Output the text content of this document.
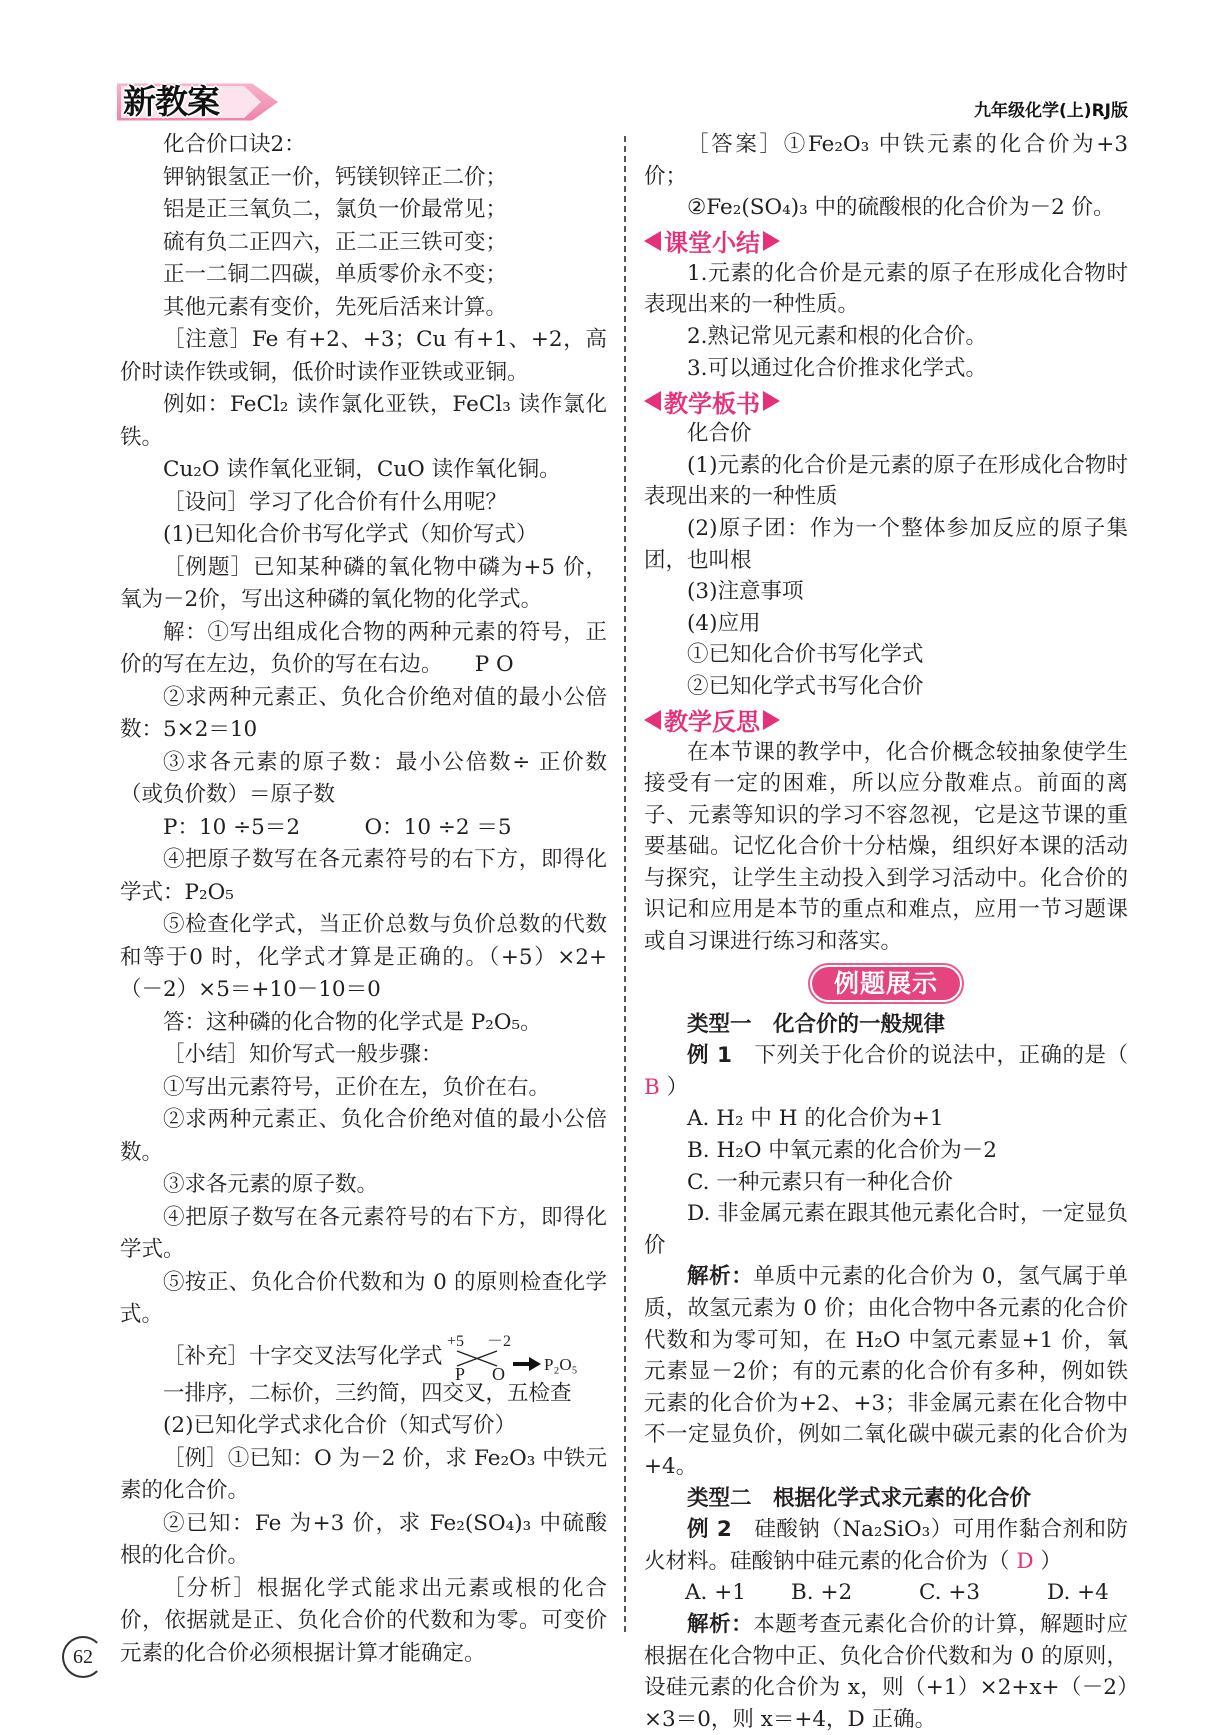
新教案	九年级化学(上)RJ版

化合价口诀2：

钾钠银氢正一价，钙镁钡锌正二价；

铝是正三氧负二，氯负一价最常见；

硫有负二正四六，正二正三铁可变；

正一二铜二四碳，单质零价永不变；

其他元素有变价，先死后活来计算。

［注意］Fe 有+2、+3；Cu 有+1、+2，高价时读作铁或铜，低价时读作亚铁或亚铜。

例如：FeCl₂ 读作氯化亚铁，FeCl₃ 读作氯化铁。

Cu₂O 读作氧化亚铜，CuO 读作氧化铜。

［设问］学习了化合价有什么用呢？

(1)已知化合价书写化学式（知价写式）

［例题］已知某种磷的氧化物中磷为+5 价，氧为－2价，写出这种磷的氧化物的化学式。

解：①写出组成化合物的两种元素的符号，正价的写在左边，负价的写在右边。　　P O

②求两种元素正、负化合价绝对值的最小公倍数：5×2＝10

③求各元素的原子数：最小公倍数÷ 正价数（或负价数）＝原子数

P：10 ÷5＝2　　　O：10 ÷2 ＝5

④把原子数写在各元素符号的右下方，即得化学式：P₂O₅

⑤检查化学式，当正价总数与负价总数的代数和等于0 时，化学式才算是正确的。（+5）×2+（－2）×5＝+10－10＝0

答：这种磷的化合物的化学式是 P₂O₅。

［小结］知价写式一般步骤：

①写出元素符号，正价在左，负价在右。

②求两种元素正、负化合价绝对值的最小公倍数。

③求各元素的原子数。

④把原子数写在各元素符号的右下方，即得化学式。

⑤按正、负化合价代数和为 0 的原则检查化学式。

［补充］十字交叉法写化学式
+5 －2
P O P₂O₅

一排序，二标价，三约简，四交叉，五检查

(2)已知化学式求化合价（知式写价）

［例］①已知：O 为－2 价，求 Fe₂O₃ 中铁元素的化合价。

②已知：Fe 为+3 价，求 Fe₂(SO₄)₃ 中硫酸根的化合价。

［分析］根据化学式能求出元素或根的化合价，依据就是正、负化合价的代数和为零。可变价元素的化合价必须根据计算才能确定。

［答案］①Fe₂O₃ 中铁元素的化合价为+3 价；

②Fe₂(SO₄)₃ 中的硫酸根的化合价为－2 价。

课堂小结

1.元素的化合价是元素的原子在形成化合物时表现出来的一种性质。

2.熟记常见元素和根的化合价。

3.可以通过化合价推求化学式。

教学板书

化合价

(1)元素的化合价是元素的原子在形成化合物时表现出来的一种性质

(2)原子团：作为一个整体参加反应的原子集团，也叫根

(3)注意事项

(4)应用

①已知化合价书写化学式

②已知化学式书写化合价

教学反思

在本节课的教学中，化合价概念较抽象使学生接受有一定的困难，所以应分散难点。前面的离子、元素等知识的学习不容忽视，它是这节课的重要基础。记忆化合价十分枯燥，组织好本课的活动与探究，让学生主动投入到学习活动中。化合价的识记和应用是本节的重点和难点，应用一节习题课或自习课进行练习和落实。

例题展示

类型一　化合价的一般规律

例 1　下列关于化合价的说法中，正确的是（ B ）

A. H₂ 中 H 的化合价为+1

B. H₂O 中氧元素的化合价为－2

C. 一种元素只有一种化合价

D. 非金属元素在跟其他元素化合时，一定显负价

解析：单质中元素的化合价为 0，氢气属于单质，故氢元素为 0 价；由化合物中各元素的化合价代数和为零可知，在 H₂O 中氢元素显+1 价，氧元素显－2价；有的元素的化合价有多种，例如铁元素的化合价为+2、+3；非金属元素在化合物中不一定显负价，例如二氧化碳中碳元素的化合价为+4。

类型二　根据化学式求元素的化合价

例 2　硅酸钠（Na₂SiO₃）可用作黏合剂和防火材料。硅酸钠中硅元素的化合价为（ D ）

A. +1 B. +2	C. +3	D. +4

解析：本题考查元素化合价的计算，解题时应根据在化合物中正、负化合价代数和为 0 的原则，设硅元素的化合价为 x，则（+1）×2+x+（－2）×3＝0，则 x＝+4，D 正确。

62
